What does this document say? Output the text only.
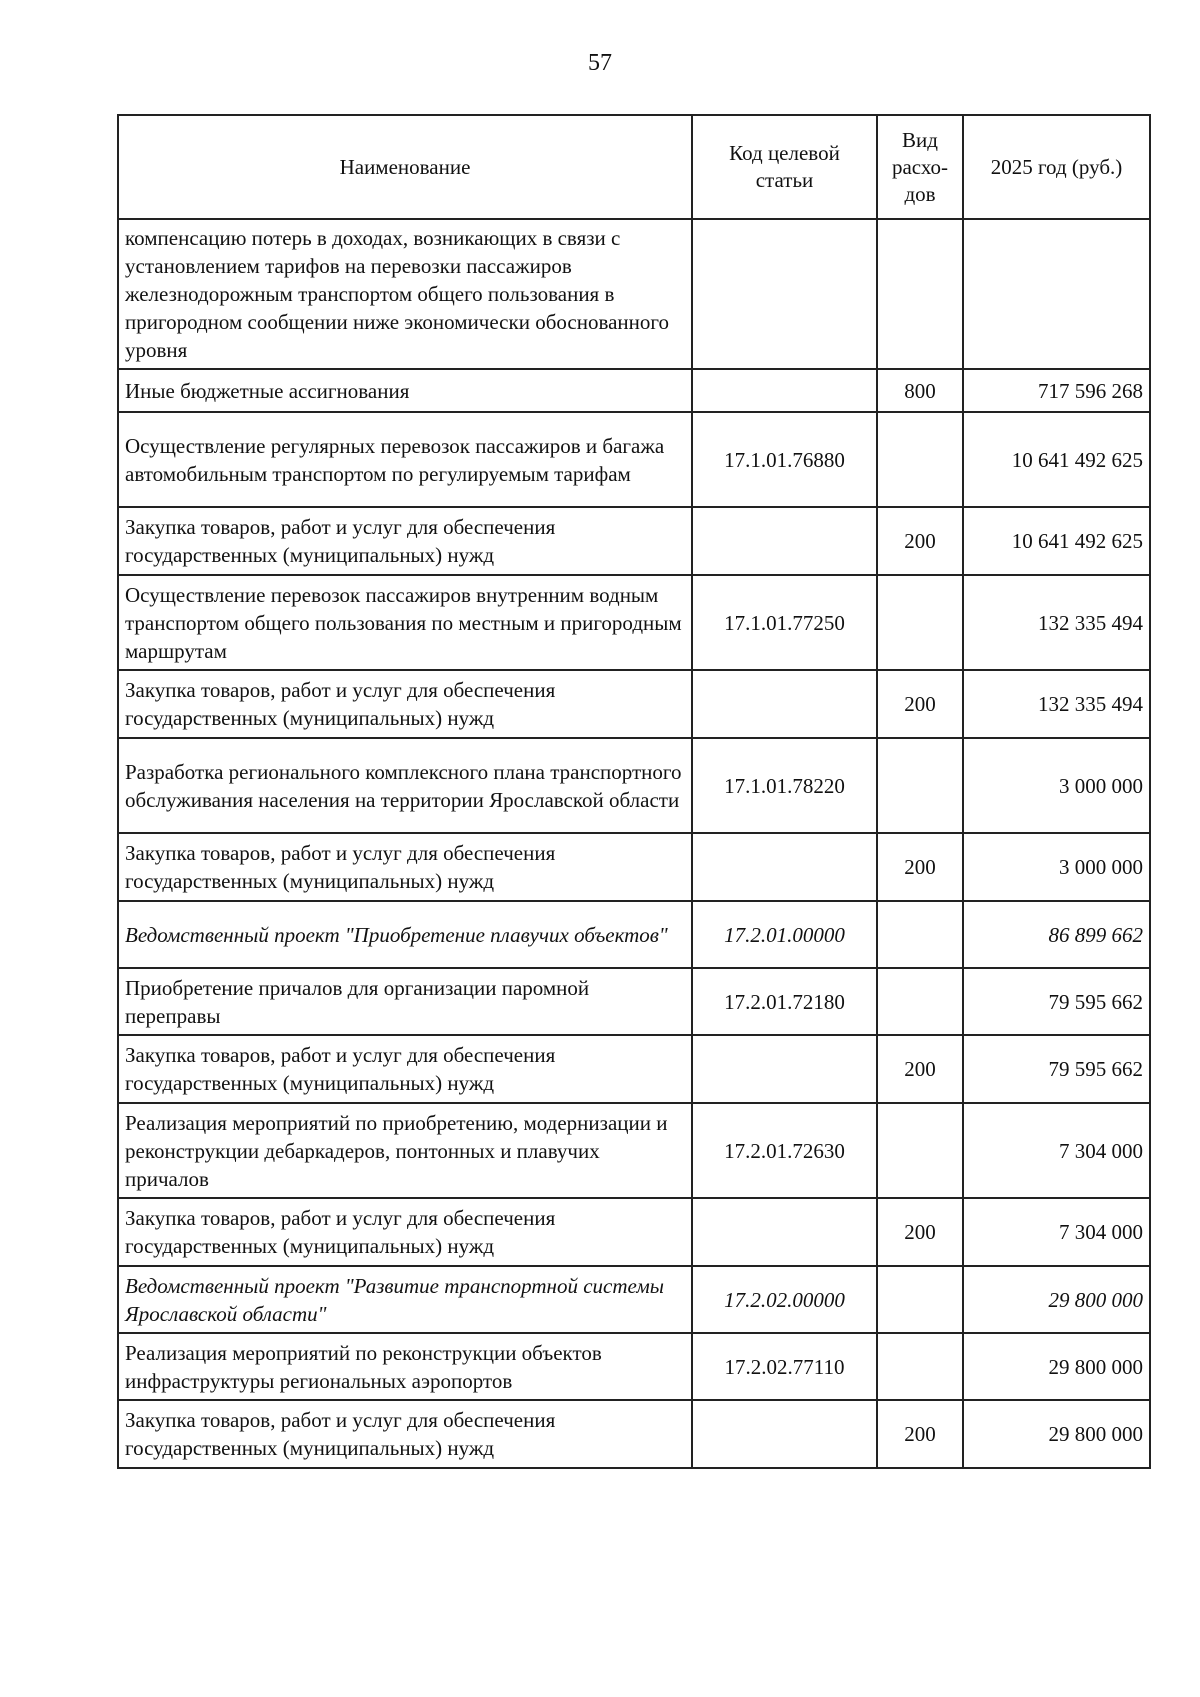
57
Наименование	Код целевой статьи	Вид расхо-дов	2025 год (руб.)
компенсацию потерь в доходах, возникающих в связи с установлением тарифов на перевозки пассажиров железнодорожным транспортом общего пользования в пригородном сообщении ниже экономически обоснованного уровня			
Иные бюджетные ассигнования		800	717 596 268
Осуществление регулярных перевозок пассажиров и багажа автомобильным транспортом по регулируемым тарифам	17.1.01.76880		10 641 492 625
Закупка товаров, работ и услуг для обеспечения государственных (муниципальных) нужд		200	10 641 492 625
Осуществление перевозок пассажиров внутренним водным транспортом общего пользования по местным и пригородным маршрутам	17.1.01.77250		132 335 494
Закупка товаров, работ и услуг для обеспечения государственных (муниципальных) нужд		200	132 335 494
Разработка регионального комплексного плана транспортного обслуживания населения на территории Ярославской области	17.1.01.78220		3 000 000
Закупка товаров, работ и услуг для обеспечения государственных (муниципальных) нужд		200	3 000 000
Ведомственный проект "Приобретение плавучих объектов"	17.2.01.00000		86 899 662
Приобретение причалов для организации паромной переправы	17.2.01.72180		79 595 662
Закупка товаров, работ и услуг для обеспечения государственных (муниципальных) нужд		200	79 595 662
Реализация мероприятий по приобретению, модернизации и реконструкции дебаркадеров, понтонных и плавучих причалов	17.2.01.72630		7 304 000
Закупка товаров, работ и услуг для обеспечения государственных (муниципальных) нужд		200	7 304 000
Ведомственный проект "Развитие транспортной системы Ярославской области"	17.2.02.00000		29 800 000
Реализация мероприятий по реконструкции объектов инфраструктуры региональных аэропортов	17.2.02.77110		29 800 000
Закупка товаров, работ и услуг для обеспечения государственных (муниципальных) нужд		200	29 800 000
